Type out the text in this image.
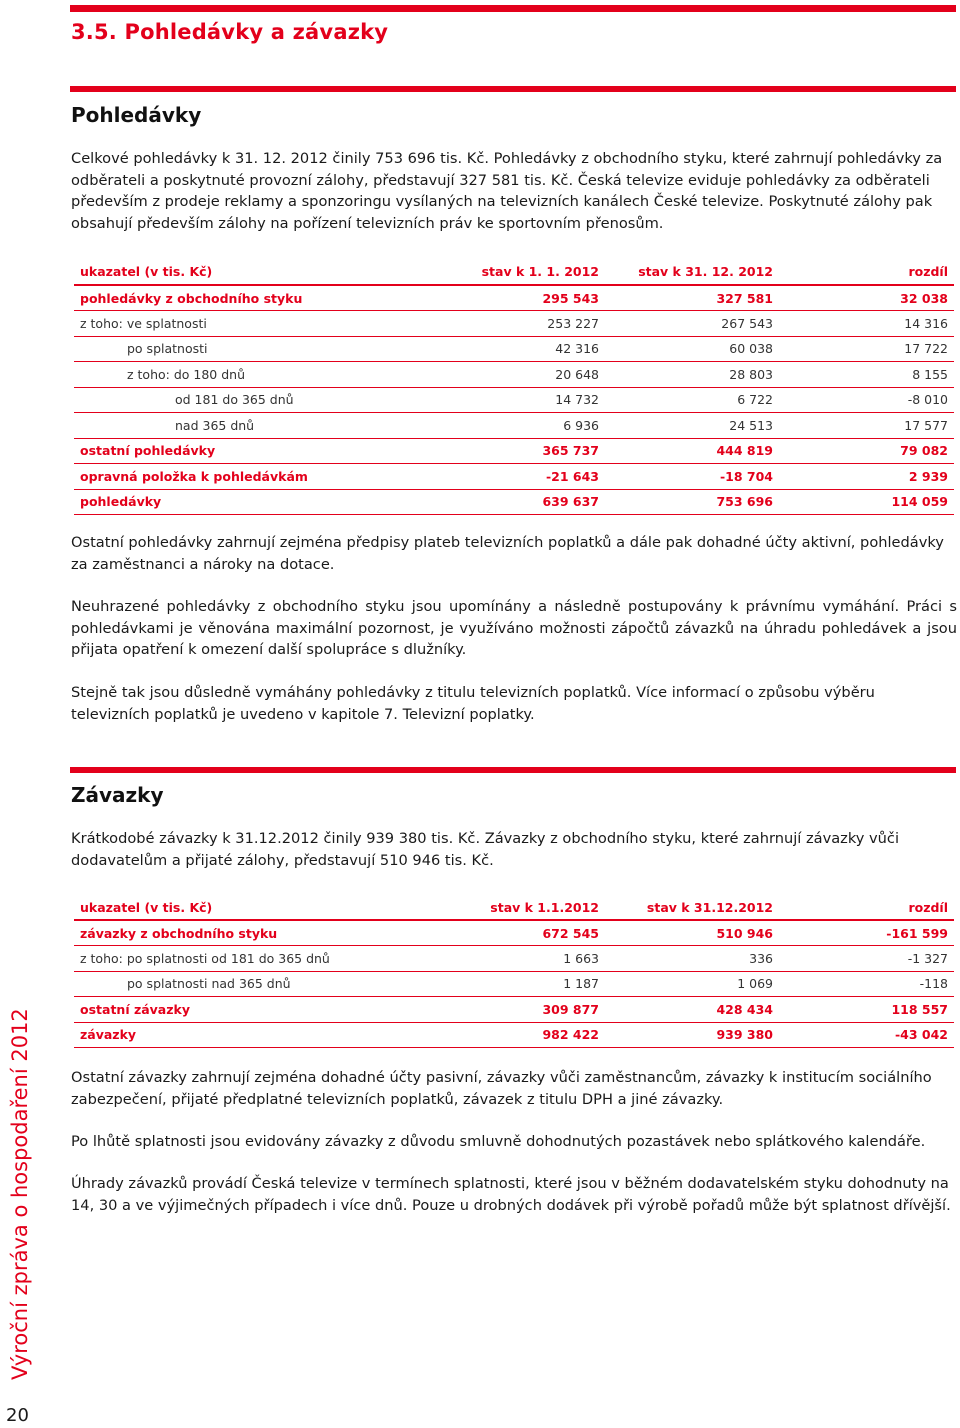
3.5. Pohledávky a závazky
Pohledávky

Celkové pohledávky k 31. 12. 2012 činily 753 696 tis. Kč. Pohledávky z obchodního styku, které zahrnují pohledávky za odběrateli a poskytnuté provozní zálohy, představují 327 581 tis. Kč. Česká televize eviduje pohledávky za odběrateli především z prodeje reklamy a sponzoringu vysílaných na televizních kanálech České televize. Poskytnuté zálohy pak obsahují především zálohy na pořízení televizních práv ke sportovním přenosům.

ukazatel (v tis. Kč)	stav k 1. 1. 2012	stav k 31. 12. 2012	rozdíl
pohledávky z obchodního styku	295 543	327 581	32 038
z toho: ve splatnosti	253 227	267 543	14 316
po splatnosti	42 316	60 038	17 722
z toho: do 180 dnů	20 648	28 803	8 155
od 181 do 365 dnů	14 732	6 722	-8 010
nad 365 dnů	6 936	24 513	17 577
ostatní pohledávky	365 737	444 819	79 082
opravná položka k pohledávkám	-21 643	-18 704	2 939
pohledávky	639 637	753 696	114 059

Ostatní pohledávky zahrnují zejména předpisy plateb televizních poplatků a dále pak dohadné účty aktivní, pohledávky za zaměstnanci a nároky na dotace.

Neuhrazené pohledávky z obchodního styku jsou upomínány a následně postupovány k právnímu vymáhání. Práci s pohledávkami je věnována maximální pozornost, je využíváno možnosti zápočtů závazků na úhradu pohledávek a jsou přijata opatření k omezení další spolupráce s dlužníky.

Stejně tak jsou důsledně vymáhány pohledávky z titulu televizních poplatků. Více informací o způsobu výběru televizních poplatků je uvedeno v kapitole 7. Televizní poplatky.

Závazky

Krátkodobé závazky k 31.12.2012 činily 939 380 tis. Kč. Závazky z obchodního styku, které zahrnují závazky vůči dodavatelům a přijaté zálohy, představují 510 946 tis. Kč.

ukazatel (v tis. Kč)	stav k 1.1.2012	stav k 31.12.2012	rozdíl
závazky z obchodního styku	672 545	510 946	-161 599
z toho: po splatnosti od 181 do 365 dnů	1 663	336	-1 327
po splatnosti nad 365 dnů	1 187	1 069	-118
ostatní závazky	309 877	428 434	118 557
závazky	982 422	939 380	-43 042

Ostatní závazky zahrnují zejména dohadné účty pasivní, závazky vůči zaměstnancům, závazky k institucím sociálního zabezpečení, přijaté předplatné televizních poplatků, závazek z titulu DPH a jiné závazky.

Po lhůtě splatnosti jsou evidovány závazky z důvodu smluvně dohodnutých pozastávek nebo splátkového kalendáře.

Úhrady závazků provádí Česká televize v termínech splatnosti, které jsou v běžném dodavatelském styku dohodnuty na 14, 30 a ve výjimečných případech i více dnů. Pouze u drobných dodávek při výrobě pořadů může být splatnost dřívější.

Výroční zpráva o hospodaření 2012
20
